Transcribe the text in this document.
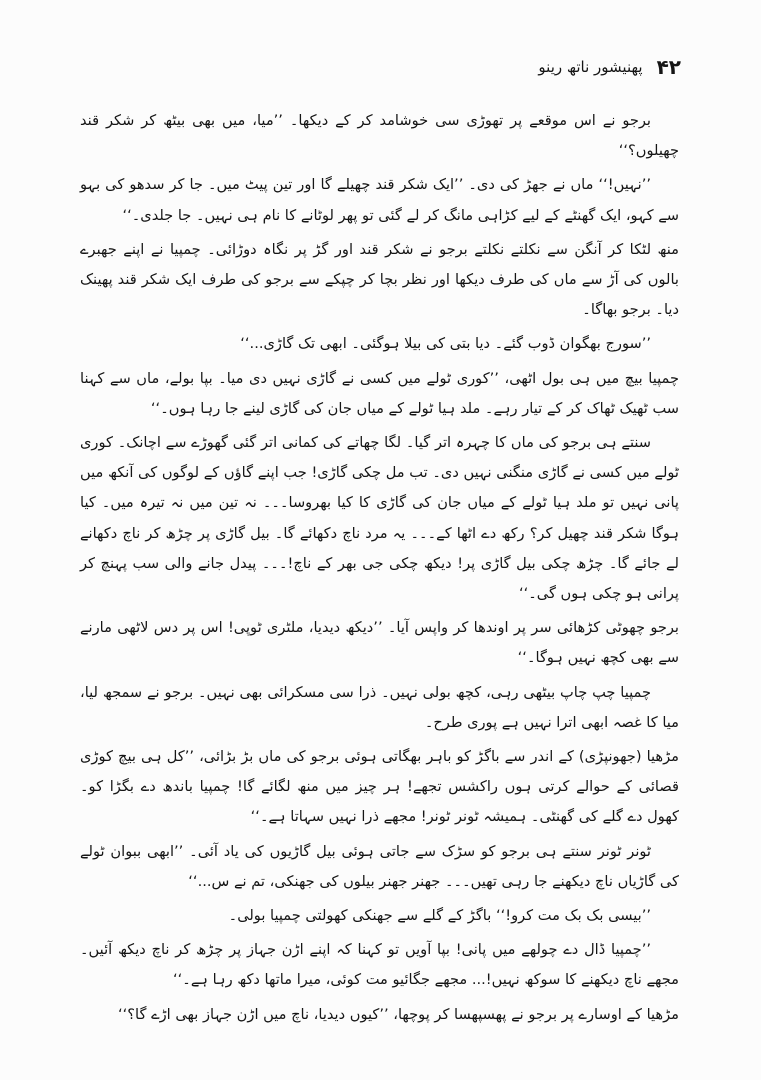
۴۲
پھنیشور ناتھ رینو

برجو نے اس موقعے پر تھوڑی سی خوشامد کر کے دیکھا۔ ’’میا، میں بھی بیٹھ کر شکر قند چھیلوں؟‘‘

’’نہیں!‘‘ ماں نے جھڑ کی دی۔ ’’ایک شکر قند چھیلے گا اور تین پیٹ میں۔ جا کر سدھو کی بہو سے کہو، ایک گھنٹے کے لیے کڑاہی مانگ کر لے گئی تو پھر لوٹانے کا نام ہی نہیں۔ جا جلدی۔‘‘

منھ لٹکا کر آنگن سے نکلتے نکلتے برجو نے شکر قند اور گڑ پر نگاہ دوڑائی۔ چمپیا نے اپنے جھبرے بالوں کی آڑ سے ماں کی طرف دیکھا اور نظر بچا کر چپکے سے برجو کی طرف ایک شکر قند پھینک دیا۔ برجو بھاگا۔

’’سورج بھگوان ڈوب گئے۔ دیا بتی کی بیلا ہوگئی۔ ابھی تک گاڑی...‘‘

چمپیا بیچ میں ہی بول اٹھی، ’’کوری ٹولے میں کسی نے گاڑی نہیں دی میا۔ بپا بولے، ماں سے کہنا سب ٹھیک ٹھاک کر کے تیار رہے۔ ملد ہیا ٹولے کے میاں جان کی گاڑی لینے جا رہا ہوں۔‘‘

سنتے ہی برجو کی ماں کا چہرہ اتر گیا۔ لگا چھاتے کی کمانی اتر گئی گھوڑے سے اچانک۔ کوری ٹولے میں کسی نے گاڑی منگنی نہیں دی۔ تب مل چکی گاڑی! جب اپنے گاؤں کے لوگوں کی آنکھ میں پانی نہیں تو ملد ہیا ٹولے کے میاں جان کی گاڑی کا کیا بھروسا۔۔۔ نہ تین میں نہ تیرہ میں۔ کیا ہوگا شکر قند چھیل کر؟ رکھ دے اٹھا کے۔۔۔ یہ مرد ناچ دکھائے گا۔ بیل گاڑی پر چڑھ کر ناچ دکھانے لے جائے گا۔ چڑھ چکی بیل گاڑی پر! دیکھ چکی جی بھر کے ناچ!۔۔۔ پیدل جانے والی سب پہنچ کر پرانی ہو چکی ہوں گی۔‘‘

برجو چھوٹی کڑھائی سر پر اوندھا کر واپس آیا۔ ’’دیکھ دیدیا، ملٹری ٹوپی! اس پر دس لاٹھی مارنے سے بھی کچھ نہیں ہوگا۔‘‘

چمپیا چپ چاپ بیٹھی رہی، کچھ بولی نہیں۔ ذرا سی مسکرائی بھی نہیں۔ برجو نے سمجھ لیا، میا کا غصہ ابھی اترا نہیں ہے پوری طرح۔

مڑھیا (جھونپڑی) کے اندر سے باگڑ کو باہر بھگاتی ہوئی برجو کی ماں بڑ بڑائی، ’’کل ہی بیچ کوڑی قصائی کے حوالے کرتی ہوں راکشس تجھے! ہر چیز میں منھ لگائے گا! چمپیا باندھ دے بگڑا کو۔ کھول دے گلے کی گھنٹی۔ ہمیشہ ٹونر ٹونر! مجھے ذرا نہیں سہاتا ہے۔‘‘

ٹونر ٹونر سنتے ہی برجو کو سڑک سے جاتی ہوئی بیل گاڑیوں کی یاد آئی۔ ’’ابھی ببوان ٹولے کی گاڑیاں ناچ دیکھنے جا رہی تھیں۔۔۔ جھنر جھنر بیلوں کی جھنکی، تم نے س...‘‘

’’بیسی بک بک مت کرو!‘‘ باگڑ کے گلے سے جھنکی کھولتی چمپیا بولی۔

’’چمپیا ڈال دے چولھے میں پانی! بپا آویں تو کہنا کہ اپنے اڑن جہاز پر چڑھ کر ناچ دیکھ آئیں۔ مجھے ناچ دیکھنے کا سوکھ نہیں!... مجھے جگائیو مت کوئی، میرا ماتھا دکھ رہا ہے۔‘‘

مڑھیا کے اوسارے پر برجو نے پھسپھسا کر پوچھا، ’’کیوں دیدیا، ناچ میں اڑن جہاز بھی اڑے گا؟‘‘
